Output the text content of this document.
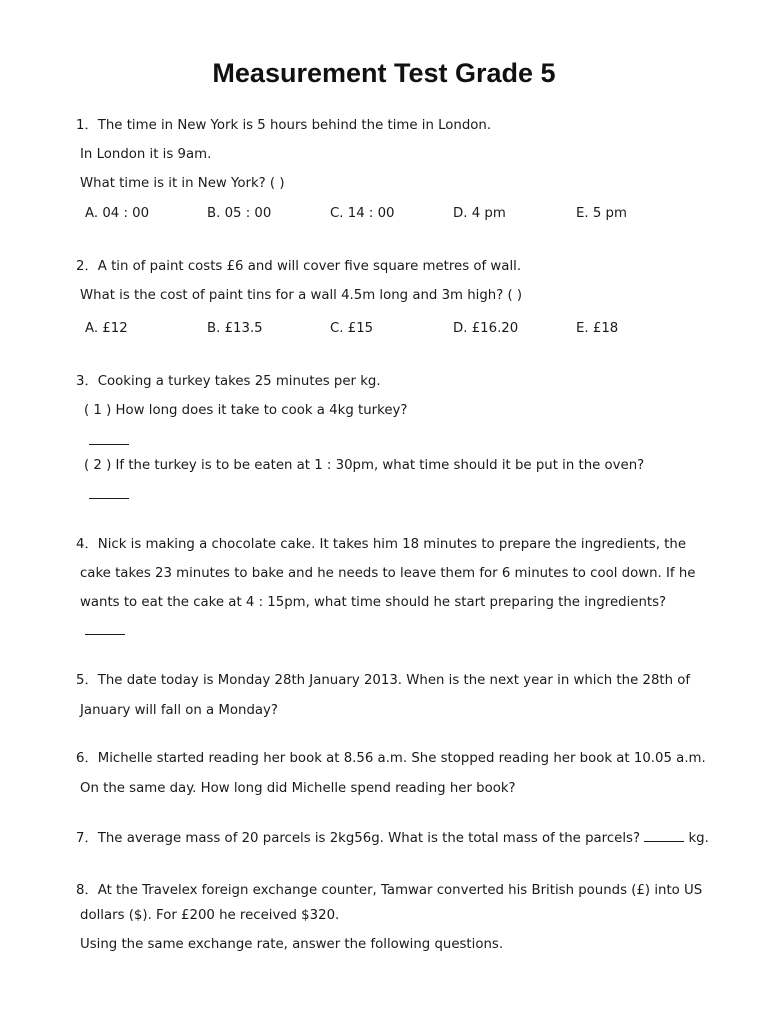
Measurement Test Grade 5
1．The time in New York is 5 hours behind the time in London.
In London it is 9am.
What time is it in New York? ( )
A. 04 : 00	B. 05 : 00	C. 14 : 00	D. 4 pm	E. 5 pm
2．A tin of paint costs £6 and will cover five square metres of wall.
What is the cost of paint tins for a wall 4.5m long and 3m high? ( )
A. £12	B. £13.5	C. £15	D. £16.20	E. £18
3．Cooking a turkey takes 25 minutes per kg.
( 1 ) How long does it take to cook a 4kg turkey?
( 2 ) If the turkey is to be eaten at 1 : 30pm, what time should it be put in the oven?
4．Nick is making a chocolate cake. It takes him 18 minutes to prepare the ingredients, the
cake takes 23 minutes to bake and he needs to leave them for 6 minutes to cool down. If he
wants to eat the cake at 4 : 15pm, what time should he start preparing the ingredients?
5．The date today is Monday 28th January 2013. When is the next year in which the 28th of
January will fall on a Monday?
6．Michelle started reading her book at 8.56 a.m. She stopped reading her book at 10.05 a.m.
On the same day. How long did Michelle spend reading her book?
7．The average mass of 20 parcels is 2kg56g. What is the total mass of the parcels?	kg.
8．At the Travelex foreign exchange counter, Tamwar converted his British pounds (£) into US
dollars ($). For £200 he received $320.
Using the same exchange rate, answer the following questions.
